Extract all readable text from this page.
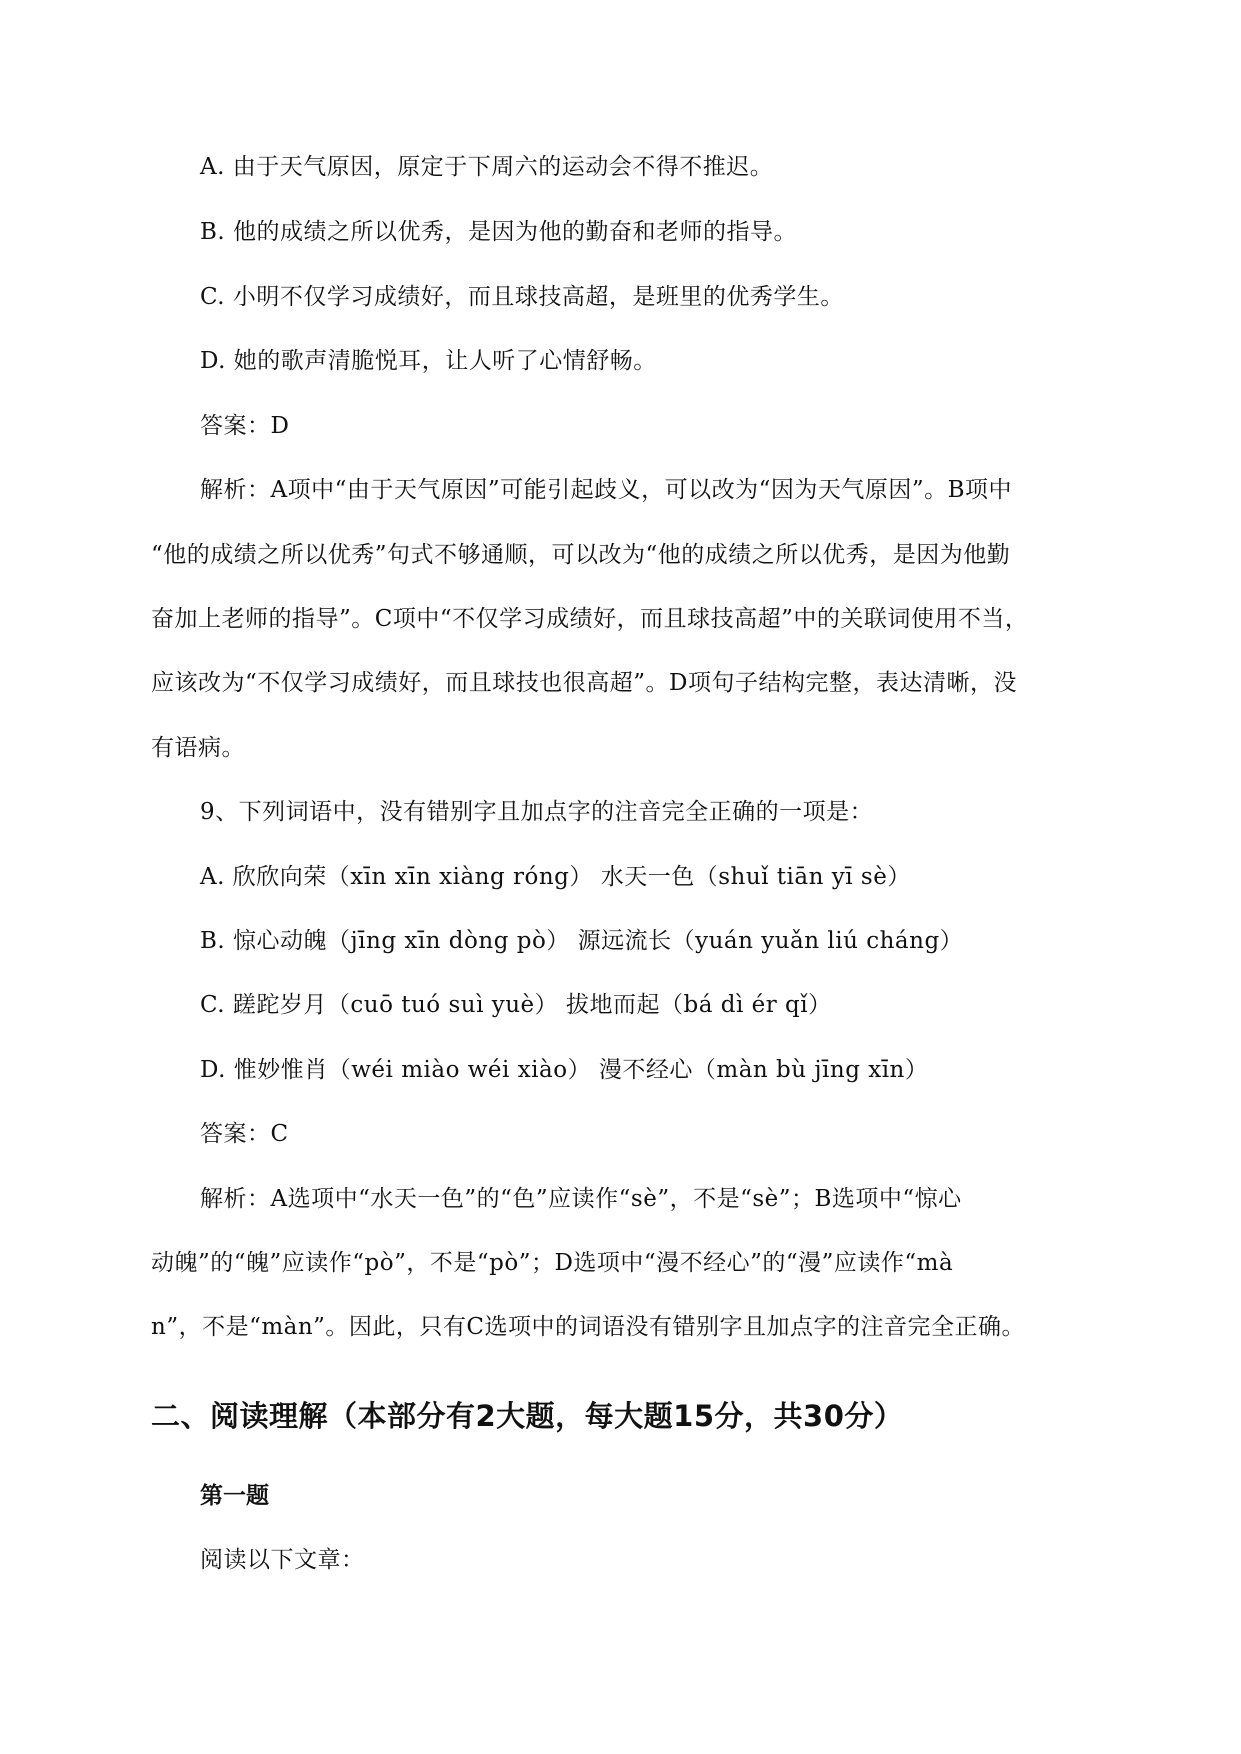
A. 由于天气原因，原定于下周六的运动会不得不推迟。
B. 他的成绩之所以优秀，是因为他的勤奋和老师的指导。
C. 小明不仅学习成绩好，而且球技高超，是班里的优秀学生。
D. 她的歌声清脆悦耳，让人听了心情舒畅。
答案：D
解析：A项中“由于天气原因”可能引起歧义，可以改为“因为天气原因”。B项中
“他的成绩之所以优秀”句式不够通顺，可以改为“他的成绩之所以优秀，是因为他勤
奋加上老师的指导”。C项中“不仅学习成绩好，而且球技高超”中的关联词使用不当，
应该改为“不仅学习成绩好，而且球技也很高超”。D项句子结构完整，表达清晰，没
有语病。
9、下列词语中，没有错别字且加点字的注音完全正确的一项是：
A. 欣欣向荣（xīn xīn xiàng róng） 水天一色（shuǐ tiān yī sè）
B. 惊心动魄（jīng xīn dòng pò） 源远流长（yuán yuǎn liú cháng）
C. 蹉跎岁月（cuō tuó suì yuè） 拔地而起（bá dì ér qǐ）
D. 惟妙惟肖（wéi miào wéi xiào） 漫不经心（màn bù jīng xīn）
答案：C
解析：A选项中“水天一色”的“色”应读作“sè”，不是“sè”；B选项中“惊心
动魄”的“魄”应读作“pò”，不是“pò”；D选项中“漫不经心”的“漫”应读作“mà
n”，不是“màn”。因此，只有C选项中的词语没有错别字且加点字的注音完全正确。
二、阅读理解（本部分有2大题，每大题15分，共30分）
第一题
阅读以下文章：
